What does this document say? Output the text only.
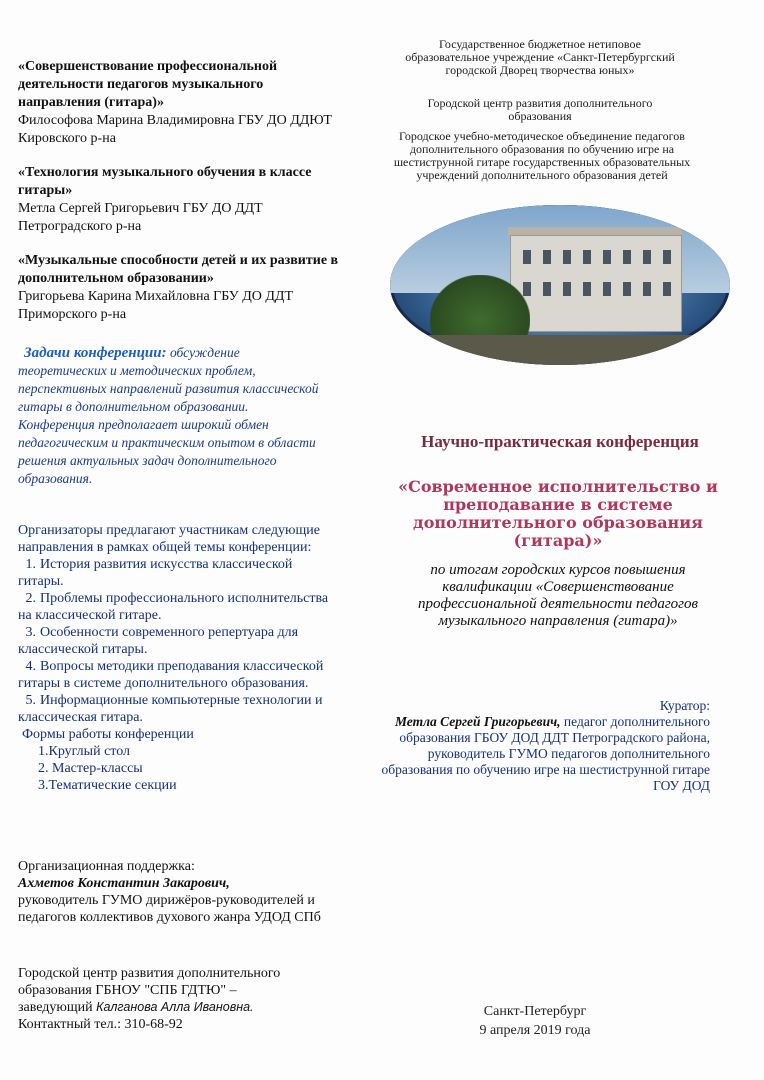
«Совершенствование профессиональной деятельности педагогов музыкального направления (гитара)»
Философова Марина Владимировна ГБУ ДО ДДЮТ Кировского р-на
«Технология музыкального обучения в классе гитары»
Метла Сергей Григорьевич ГБУ ДО ДДТ Петроградского р-на
«Музыкальные способности детей и их развитие в дополнительном образовании»
Григорьева Карина Михайловна ГБУ ДО ДДТ Приморского р-на
Задачи конференции: обсуждение теоретических и методических проблем, перспективных направлений развития классической гитары в дополнительном образовании. Конференция предполагает широкий обмен педагогическим и практическим опытом в области решения актуальных задач дополнительного образования.
Организаторы предлагают участникам следующие направления в рамках общей темы конференции:
1. История развития искусства классической гитары.
2. Проблемы профессионального исполнительства на классической гитаре.
3. Особенности современного репертуара для классической гитары.
4. Вопросы методики преподавания классической гитары в системе дополнительного образования.
5. Информационные компьютерные технологии и классическая гитара.
Формы работы конференции
1.Круглый стол
2. Мастер-классы
3.Тематические секции
Организационная поддержка:
Ахметов Константин Закарович,
руководитель ГУМО дирижёров-руководителей и педагогов коллективов духового жанра УДОД СПб
Городской центр развития дополнительного образования ГБНОУ "СПБ ГДТЮ" –
заведующий Калганова Алла Ивановна.
Контактный тел.: 310-68-92
Государственное бюджетное нетиповое образовательное учреждение «Санкт-Петербургский городской Дворец творчества юных»
Городской центр развития дополнительного образования
Городское учебно-методическое объединение педагогов дополнительного образования по обучению игре на шестиструнной гитаре государственных образовательных учреждений дополнительного образования детей
Научно-практическая конференция
«Современное исполнительство и преподавание в системе дополнительного образования (гитара)»
по итогам городских курсов повышения квалификации «Совершенствование профессиональной деятельности педагогов музыкального направления (гитара)»
Куратор:
Метла Сергей Григорьевич, педагог дополнительного образования ГБОУ ДОД ДДТ Петроградского района, руководитель ГУМО педагогов дополнительного образования по обучению игре на шестиструнной гитаре ГОУ ДОД
Санкт-Петербург
9 апреля 2019 года
